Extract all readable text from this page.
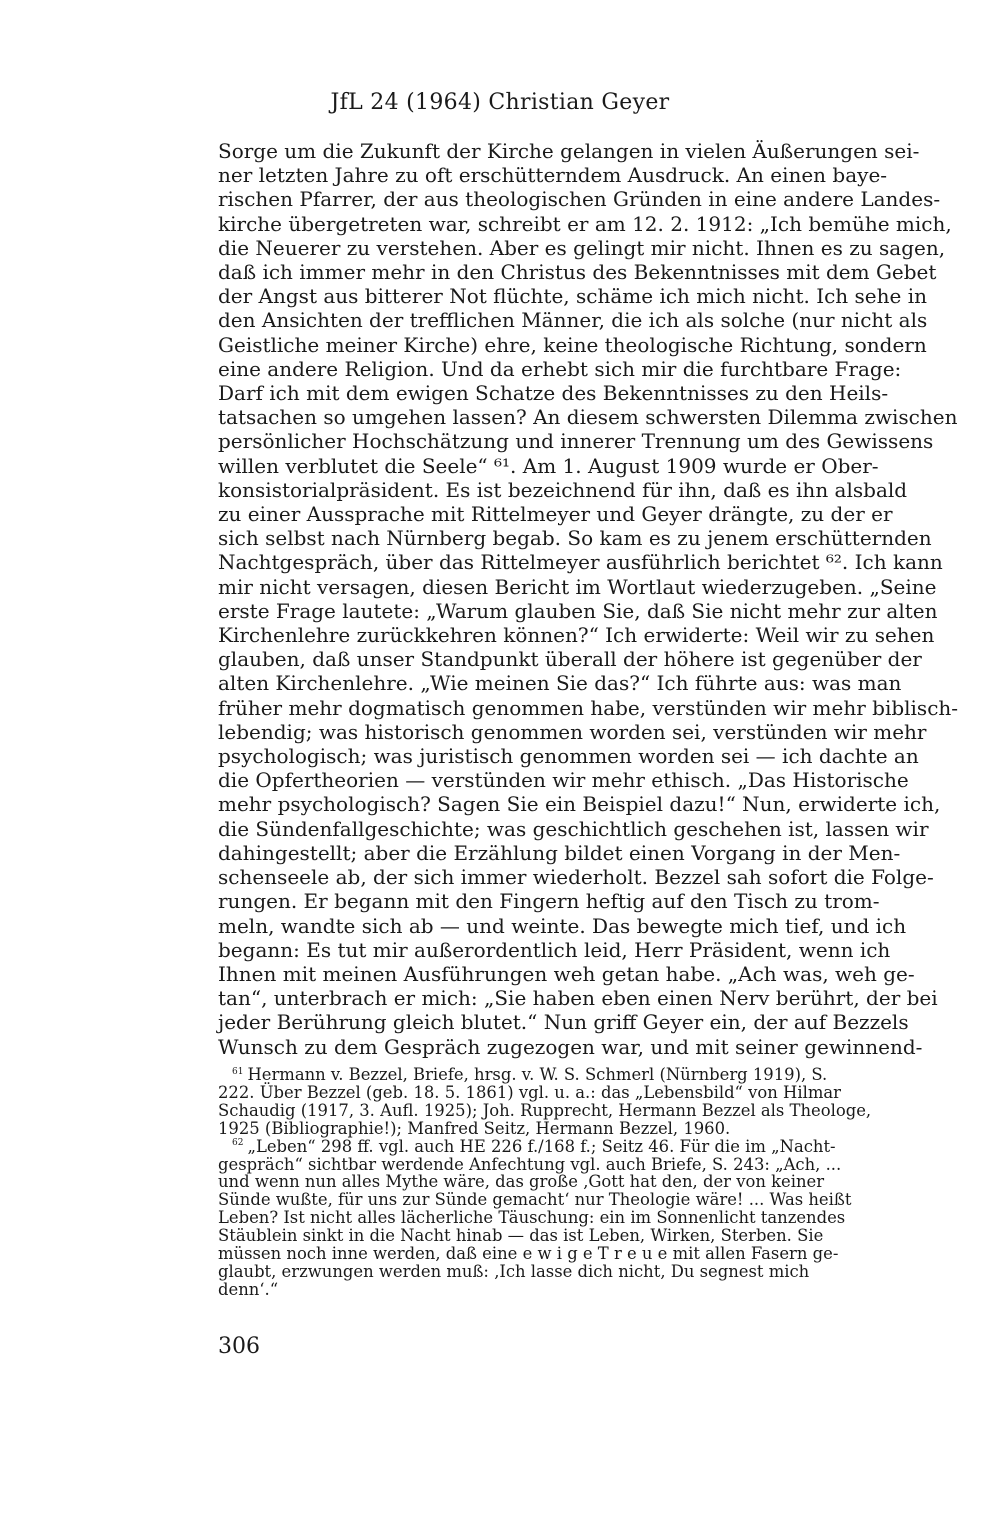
JfL 24 (1964) Christian Geyer
Sorge um die Zukunft der Kirche gelangen in vielen Äußerungen sei-
ner letzten Jahre zu oft erschütterndem Ausdruck. An einen baye-
rischen Pfarrer, der aus theologischen Gründen in eine andere Landes-
kirche übergetreten war, schreibt er am 12. 2. 1912: „Ich bemühe mich,
die Neuerer zu verstehen. Aber es gelingt mir nicht. Ihnen es zu sagen,
daß ich immer mehr in den Christus des Bekenntnisses mit dem Gebet
der Angst aus bitterer Not flüchte, schäme ich mich nicht. Ich sehe in
den Ansichten der trefflichen Männer, die ich als solche (nur nicht als
Geistliche meiner Kirche) ehre, keine theologische Richtung, sondern
eine andere Religion. Und da erhebt sich mir die furchtbare Frage:
Darf ich mit dem ewigen Schatze des Bekenntnisses zu den Heils-
tatsachen so umgehen lassen? An diesem schwersten Dilemma zwischen
persönlicher Hochschätzung und innerer Trennung um des Gewissens
willen verblutet die Seele“ ⁶¹. Am 1. August 1909 wurde er Ober-
konsistorialpräsident. Es ist bezeichnend für ihn, daß es ihn alsbald
zu einer Aussprache mit Rittelmeyer und Geyer drängte, zu der er
sich selbst nach Nürnberg begab. So kam es zu jenem erschütternden
Nachtgespräch, über das Rittelmeyer ausführlich berichtet ⁶². Ich kann
mir nicht versagen, diesen Bericht im Wortlaut wiederzugeben. „Seine
erste Frage lautete: „Warum glauben Sie, daß Sie nicht mehr zur alten
Kirchenlehre zurückkehren können?“ Ich erwiderte: Weil wir zu sehen
glauben, daß unser Standpunkt überall der höhere ist gegenüber der
alten Kirchenlehre. „Wie meinen Sie das?“ Ich führte aus: was man
früher mehr dogmatisch genommen habe, verstünden wir mehr biblisch-
lebendig; was historisch genommen worden sei, verstünden wir mehr
psychologisch; was juristisch genommen worden sei — ich dachte an
die Opfertheorien — verstünden wir mehr ethisch. „Das Historische
mehr psychologisch? Sagen Sie ein Beispiel dazu!“ Nun, erwiderte ich,
die Sündenfallgeschichte; was geschichtlich geschehen ist, lassen wir
dahingestellt; aber die Erzählung bildet einen Vorgang in der Men-
schenseele ab, der sich immer wiederholt. Bezzel sah sofort die Folge-
rungen. Er begann mit den Fingern heftig auf den Tisch zu trom-
meln, wandte sich ab — und weinte. Das bewegte mich tief, und ich
begann: Es tut mir außerordentlich leid, Herr Präsident, wenn ich
Ihnen mit meinen Ausführungen weh getan habe. „Ach was, weh ge-
tan“, unterbrach er mich: „Sie haben eben einen Nerv berührt, der bei
jeder Berührung gleich blutet.“ Nun griff Geyer ein, der auf Bezzels
Wunsch zu dem Gespräch zugezogen war, und mit seiner gewinnend-
$^{61}$ Hermann v. Bezzel, Briefe, hrsg. v. W. S. Schmerl (Nürnberg 1919), S.
222. Über Bezzel (geb. 18. 5. 1861) vgl. u. a.: das „Lebensbild“ von Hilmar
Schaudig (1917, 3. Aufl. 1925); Joh. Rupprecht, Hermann Bezzel als Theologe,
1925 (Bibliographie!); Manfred Seitz, Hermann Bezzel, 1960.
$^{62}$ „Leben“ 298 ff. vgl. auch HE 226 f./168 f.; Seitz 46. Für die im „Nacht-
gespräch“ sichtbar werdende Anfechtung vgl. auch Briefe, S. 243: „Ach, ...
und wenn nun alles Mythe wäre, das große ‚Gott hat den, der von keiner
Sünde wußte, für uns zur Sünde gemacht‘ nur Theologie wäre! ... Was heißt
Leben? Ist nicht alles lächerliche Täuschung: ein im Sonnenlicht tanzendes
Stäublein sinkt in die Nacht hinab — das ist Leben, Wirken, Sterben. Sie
müssen noch inne werden, daß eine e w i g e T r e u e mit allen Fasern ge-
glaubt, erzwungen werden muß: ‚Ich lasse dich nicht, Du segnest mich
denn‘.“
306
